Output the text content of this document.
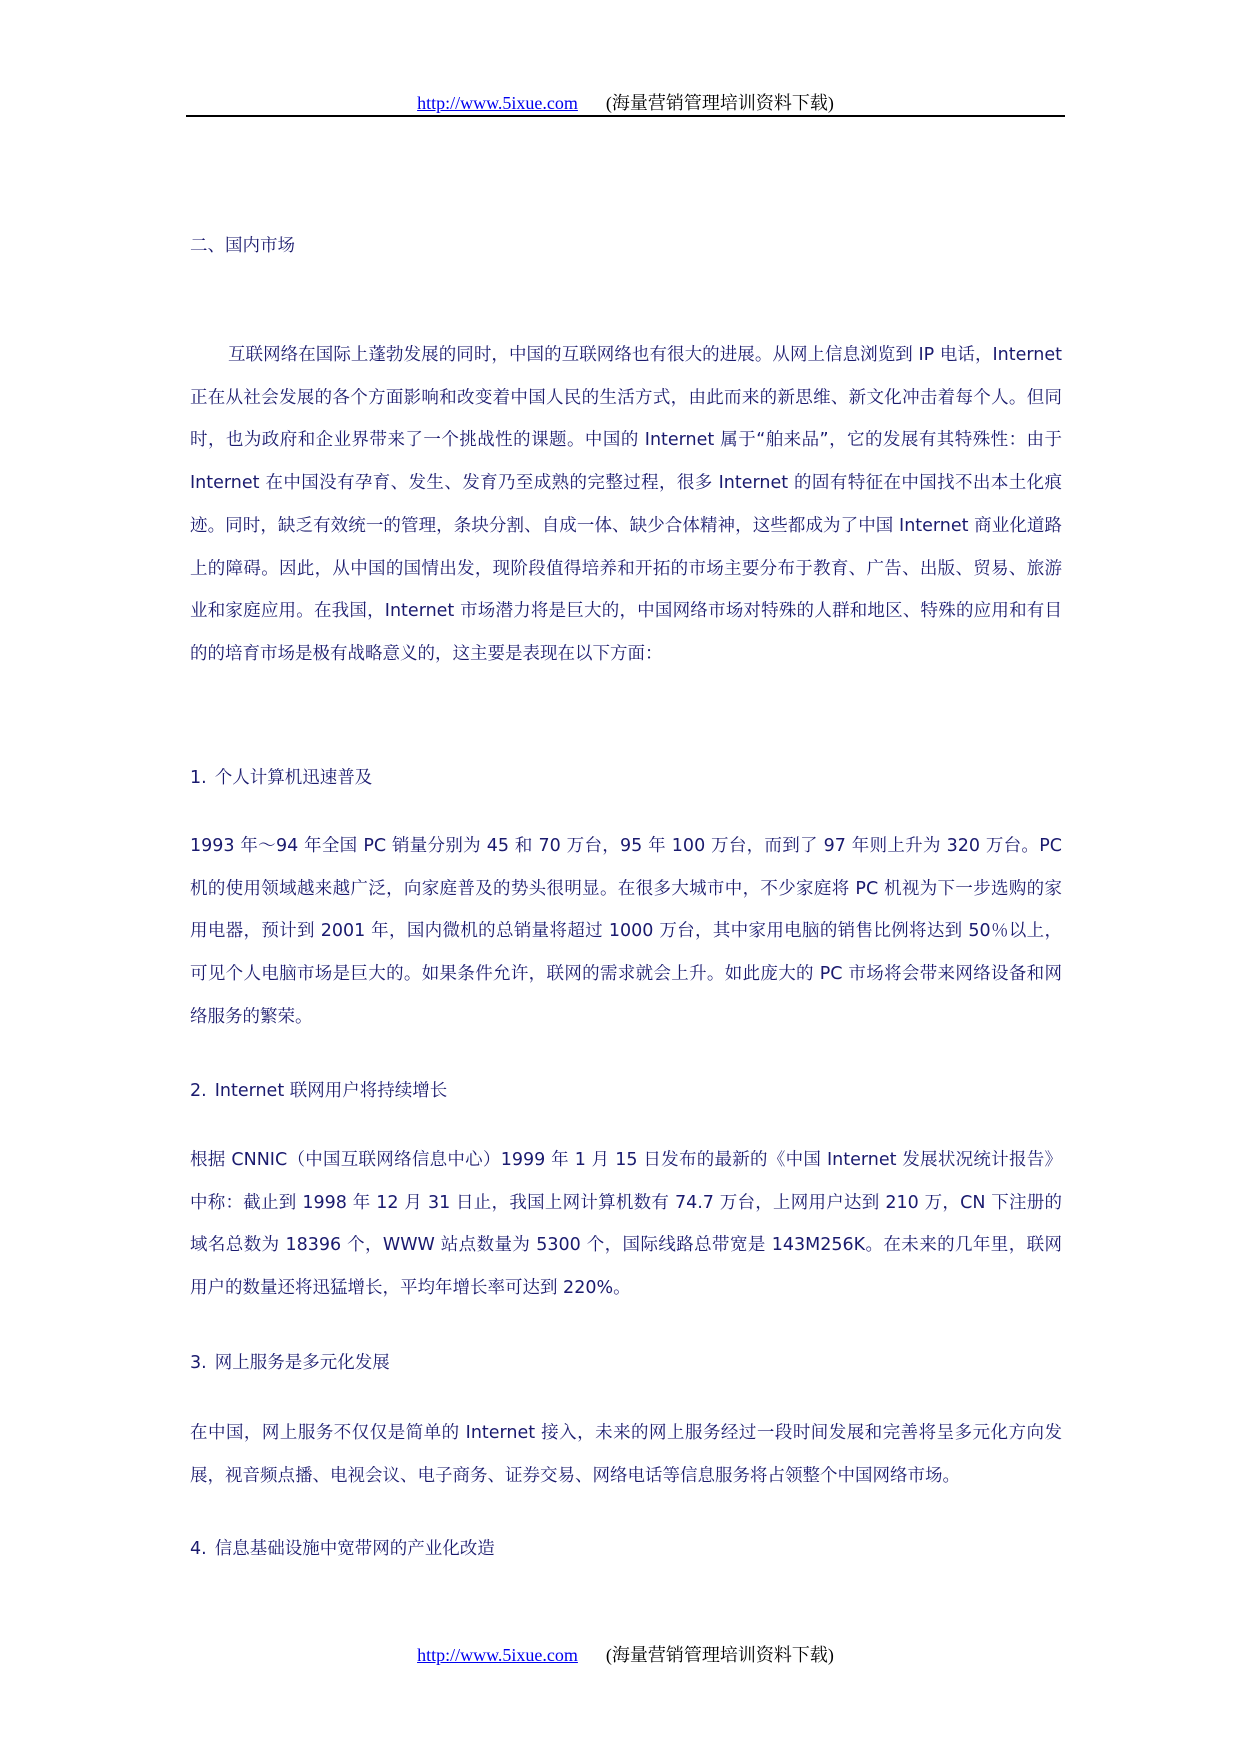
http://www.5ixue.com (海量营销管理培训资料下载)
二、国内市场

互联网络在国际上蓬勃发展的同时，中国的互联网络也有很大的进展。从网上信息浏览到 IP 电话，Internet 正在从社会发展的各个方面影响和改变着中国人民的生活方式，由此而来的新思维、新文化冲击着每个人。但同时，也为政府和企业界带来了一个挑战性的课题。中国的 Internet 属于“舶来品”，它的发展有其特殊性：由于 Internet 在中国没有孕育、发生、发育乃至成熟的完整过程，很多 Internet 的固有特征在中国找不出本土化痕迹。同时，缺乏有效统一的管理，条块分割、自成一体、缺少合体精神，这些都成为了中国 Internet 商业化道路上的障碍。因此，从中国的国情出发，现阶段值得培养和开拓的市场主要分布于教育、广告、出版、贸易、旅游业和家庭应用。在我国，Internet 市场潜力将是巨大的，中国网络市场对特殊的人群和地区、特殊的应用和有目的的培育市场是极有战略意义的，这主要是表现在以下方面：

1. 个人计算机迅速普及

1993 年～94 年全国 PC 销量分别为 45 和 70 万台，95 年 100 万台，而到了 97 年则上升为 320 万台。PC 机的使用领域越来越广泛，向家庭普及的势头很明显。在很多大城市中，不少家庭将 PC 机视为下一步选购的家用电器，预计到 2001 年，国内微机的总销量将超过 1000 万台，其中家用电脑的销售比例将达到 50％以上，可见个人电脑市场是巨大的。如果条件允许，联网的需求就会上升。如此庞大的 PC 市场将会带来网络设备和网络服务的繁荣。

2. Internet 联网用户将持续增长

根据 CNNIC（中国互联网络信息中心）1999 年 1 月 15 日发布的最新的《中国 Internet 发展状况统计报告》中称：截止到 1998 年 12 月 31 日止，我国上网计算机数有 74.7 万台，上网用户达到 210 万，CN 下注册的域名总数为 18396 个，WWW 站点数量为 5300 个，国际线路总带宽是 143M256K。在未来的几年里，联网用户的数量还将迅猛增长，平均年增长率可达到 220%。

3. 网上服务是多元化发展

在中国，网上服务不仅仅是简单的 Internet 接入，未来的网上服务经过一段时间发展和完善将呈多元化方向发展，视音频点播、电视会议、电子商务、证券交易、网络电话等信息服务将占领整个中国网络市场。

4. 信息基础设施中宽带网的产业化改造
http://www.5ixue.com (海量营销管理培训资料下载)
